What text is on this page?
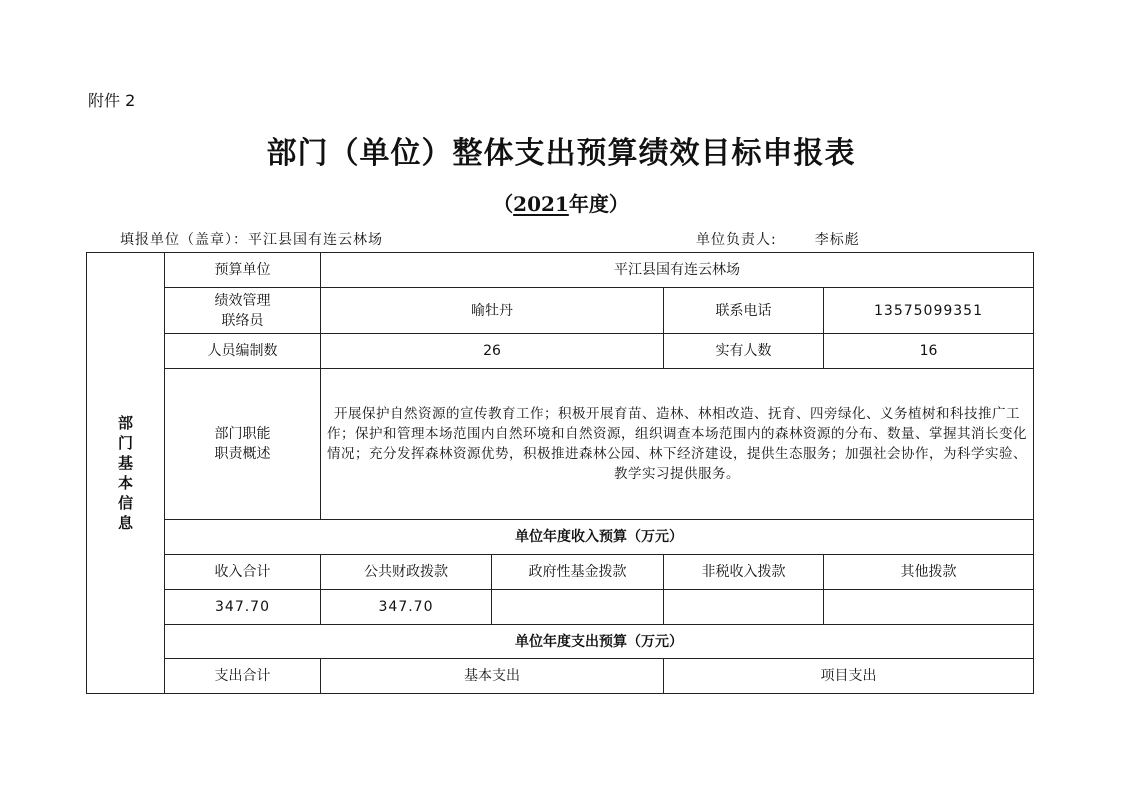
附件 2
部门（单位）整体支出预算绩效目标申报表
（2021年度）
填报单位（盖章）：平江县国有连云林场	单位负责人:	李标彪
部门基本信息	预算单位	平江县国有连云林场			

	绩效管理
联络员	喻牡丹		联系电话	13575099351
	人员编制数	26		实有人数	16

	部门职能
职责概述	开展保护自然资源的宣传教育工作；积极开展育苗、造林、林相改造、抚育、四旁绿化、义务植树和科技推广工作；保护和管理本场范围内自然环境和自然资源，组织调查本场范围内的森林资源的分布、数量、掌握其消长变化情况；充分发挥森林资源优势，积极推进森林公园、林下经济建设，提供生态服务；加强社会协作，为科学实验、教学实习提供服务。			
	单位年度收入预算（万元）				
	收入合计	公共财政拨款	政府性基金拨款	非税收入拨款	其他拨款
	347.70	347.70			
	单位年度支出预算（万元）				
	支出合计	基本支出		项目支出	
